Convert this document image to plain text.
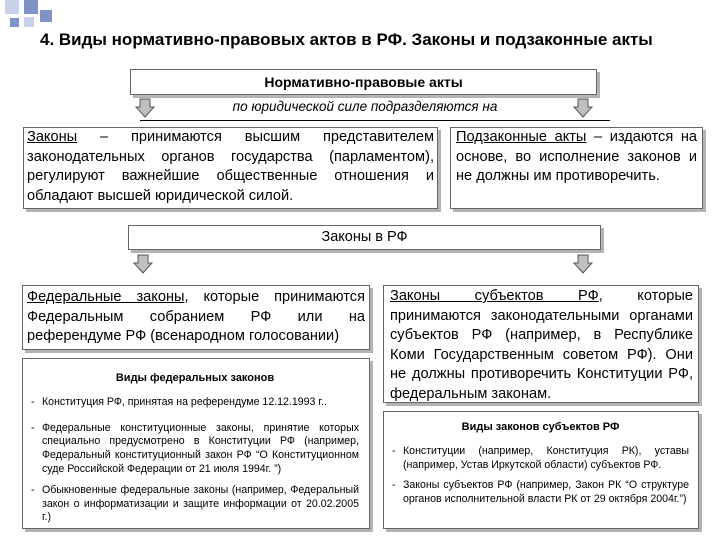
4. Виды нормативно-правовых актов в РФ. Законы и подзаконные акты
Нормативно-правовые акты
по юридической силе подразделяются на
Законы – принимаются высшим представителем законодательных органов государства (парламентом), регулируют важнейшие общественные отношения и обладают высшей юридической силой.
Подзаконные акты – издаются на основе, во исполнение законов и не должны им противоречить.
Законы в РФ
Федеральные законы, которые принимаются Федеральным собранием РФ или на референдуме РФ (всенародном голосовании)
Законы субъектов РФ, которые принимаются законодательными органами субъектов РФ (например, в Республике Коми Государственным советом РФ). Они не должны противоречить Конституции РФ, федеральным законам.
Виды федеральных законов
- Конституция РФ, принятая на референдуме 12.12.1993 г..
- Федеральные конституционные законы, принятие которых специально предусмотрено в Конституции РФ (например, Федеральный конституционный закон РФ “О Конституционном суде Российской Федерации от 21 июля 1994г. ”)
- Обыкновенные федеральные законы (например, Федеральный закон о информатизации и защите информации от 20.02.2005 г.)
Виды законов субъектов РФ
- Конституции (например, Конституция РК), уставы (например, Устав Иркутской области) субъектов РФ.
- Законы субъектов РФ (например, Закон РК “О структуре органов исполнительной власти РК от 29 октября 2004г.”)
